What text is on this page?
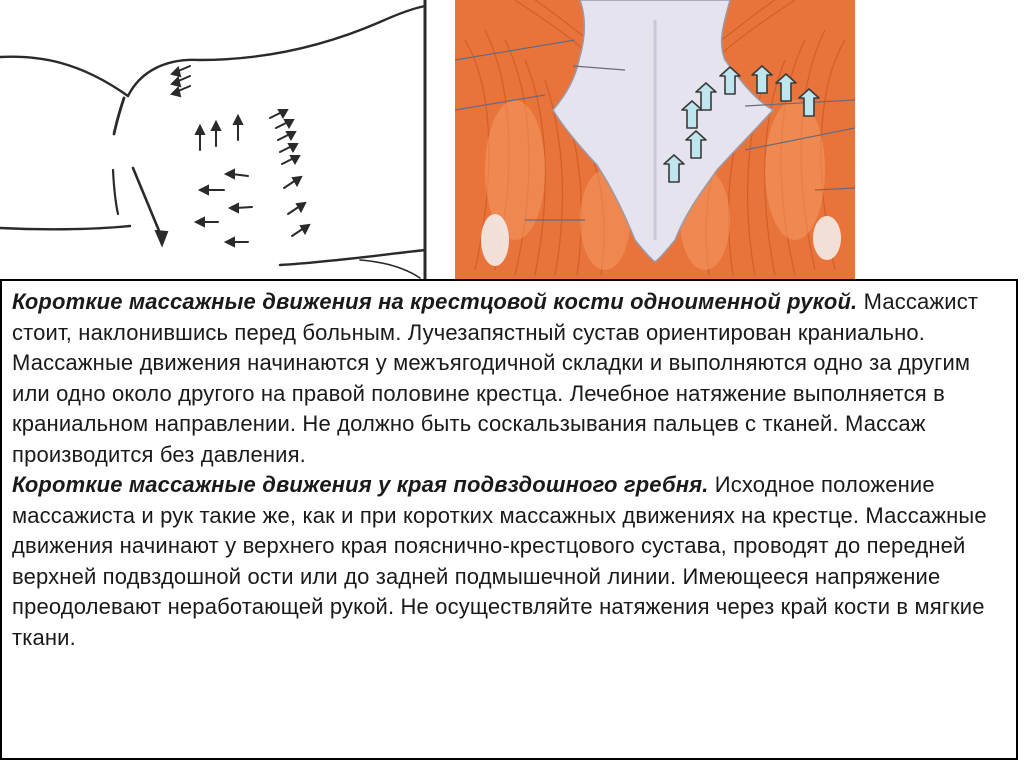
Короткие массажные движения на крестцовой кости одноименной рукой. Массажист стоит, наклонившись перед больным. Лучезапястный сустав ориентирован краниально. Массажные движения начинаются у межъягодичной складки и выполняются одно за другим или одно около другого на правой половине крестца. Лечебное натяжение выполняется в краниальном направлении. Не должно быть соскальзывания пальцев с тканей. Массаж производится без давления.

Короткие массажные движения у края подвздошного гребня. Исходное положение массажиста и рук такие же, как и при коротких массажных движениях на крестце. Массажные движения начинают у верхнего края пояснично-крестцового сустава, проводят до передней верхней подвздошной ости или до задней подмышечной линии. Имеющееся напряжение преодолевают неработающей рукой. Не осуществляйте натяжения через край кости в мягкие ткани.
